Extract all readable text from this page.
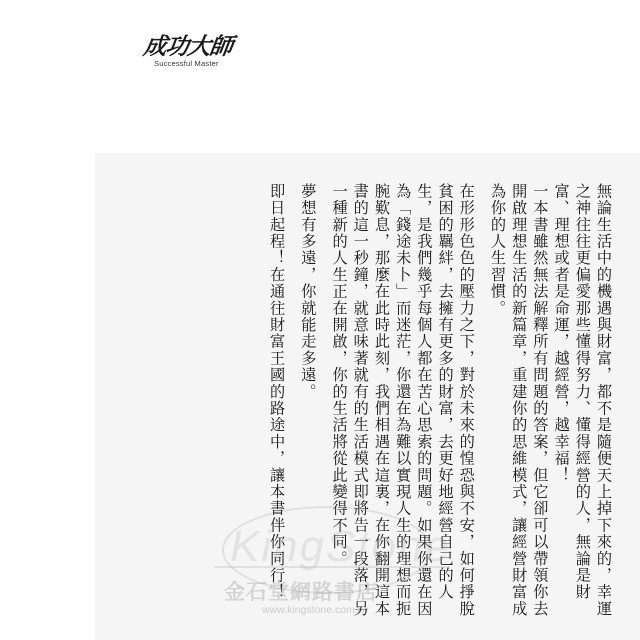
成功大師
Successful Master

無論生活中的機遇與財富，都不是隨便天上掉下來的，幸運之神往往更偏愛那些懂得努力、懂得經營的人，無論是財富、理想或者是命運，越經營，越幸福！

一本書雖然無法解釋所有問題的答案，但它卻可以帶領你去開啟理想生活的新篇章，重建你的思維模式，讓經營財富成為你的人生習慣。

在形形色色的壓力之下，對於未來的惶恐與不安，如何掙脫貧困的羈絆，去擁有更多的財富，去更好地經營自己的人生，是我們幾乎每個人都在苦心思索的問題。如果你還在因為「錢途未卜」而迷茫，你還在為難以實現人生的理想而扼腕歎息，那麼在此時此刻，我們相遇在這裏，在你翻開這本書的這一秒鐘，就意味著就有的生活模式即將告一段落，另一種新的人生正在開啟，你的生活將從此變得不同。

夢想有多遠，你就能走多遠。

即日起程！在通往財富王國的路途中，讓本書伴你同行！

金石堂網路書店
www.kingstone.com.tw
